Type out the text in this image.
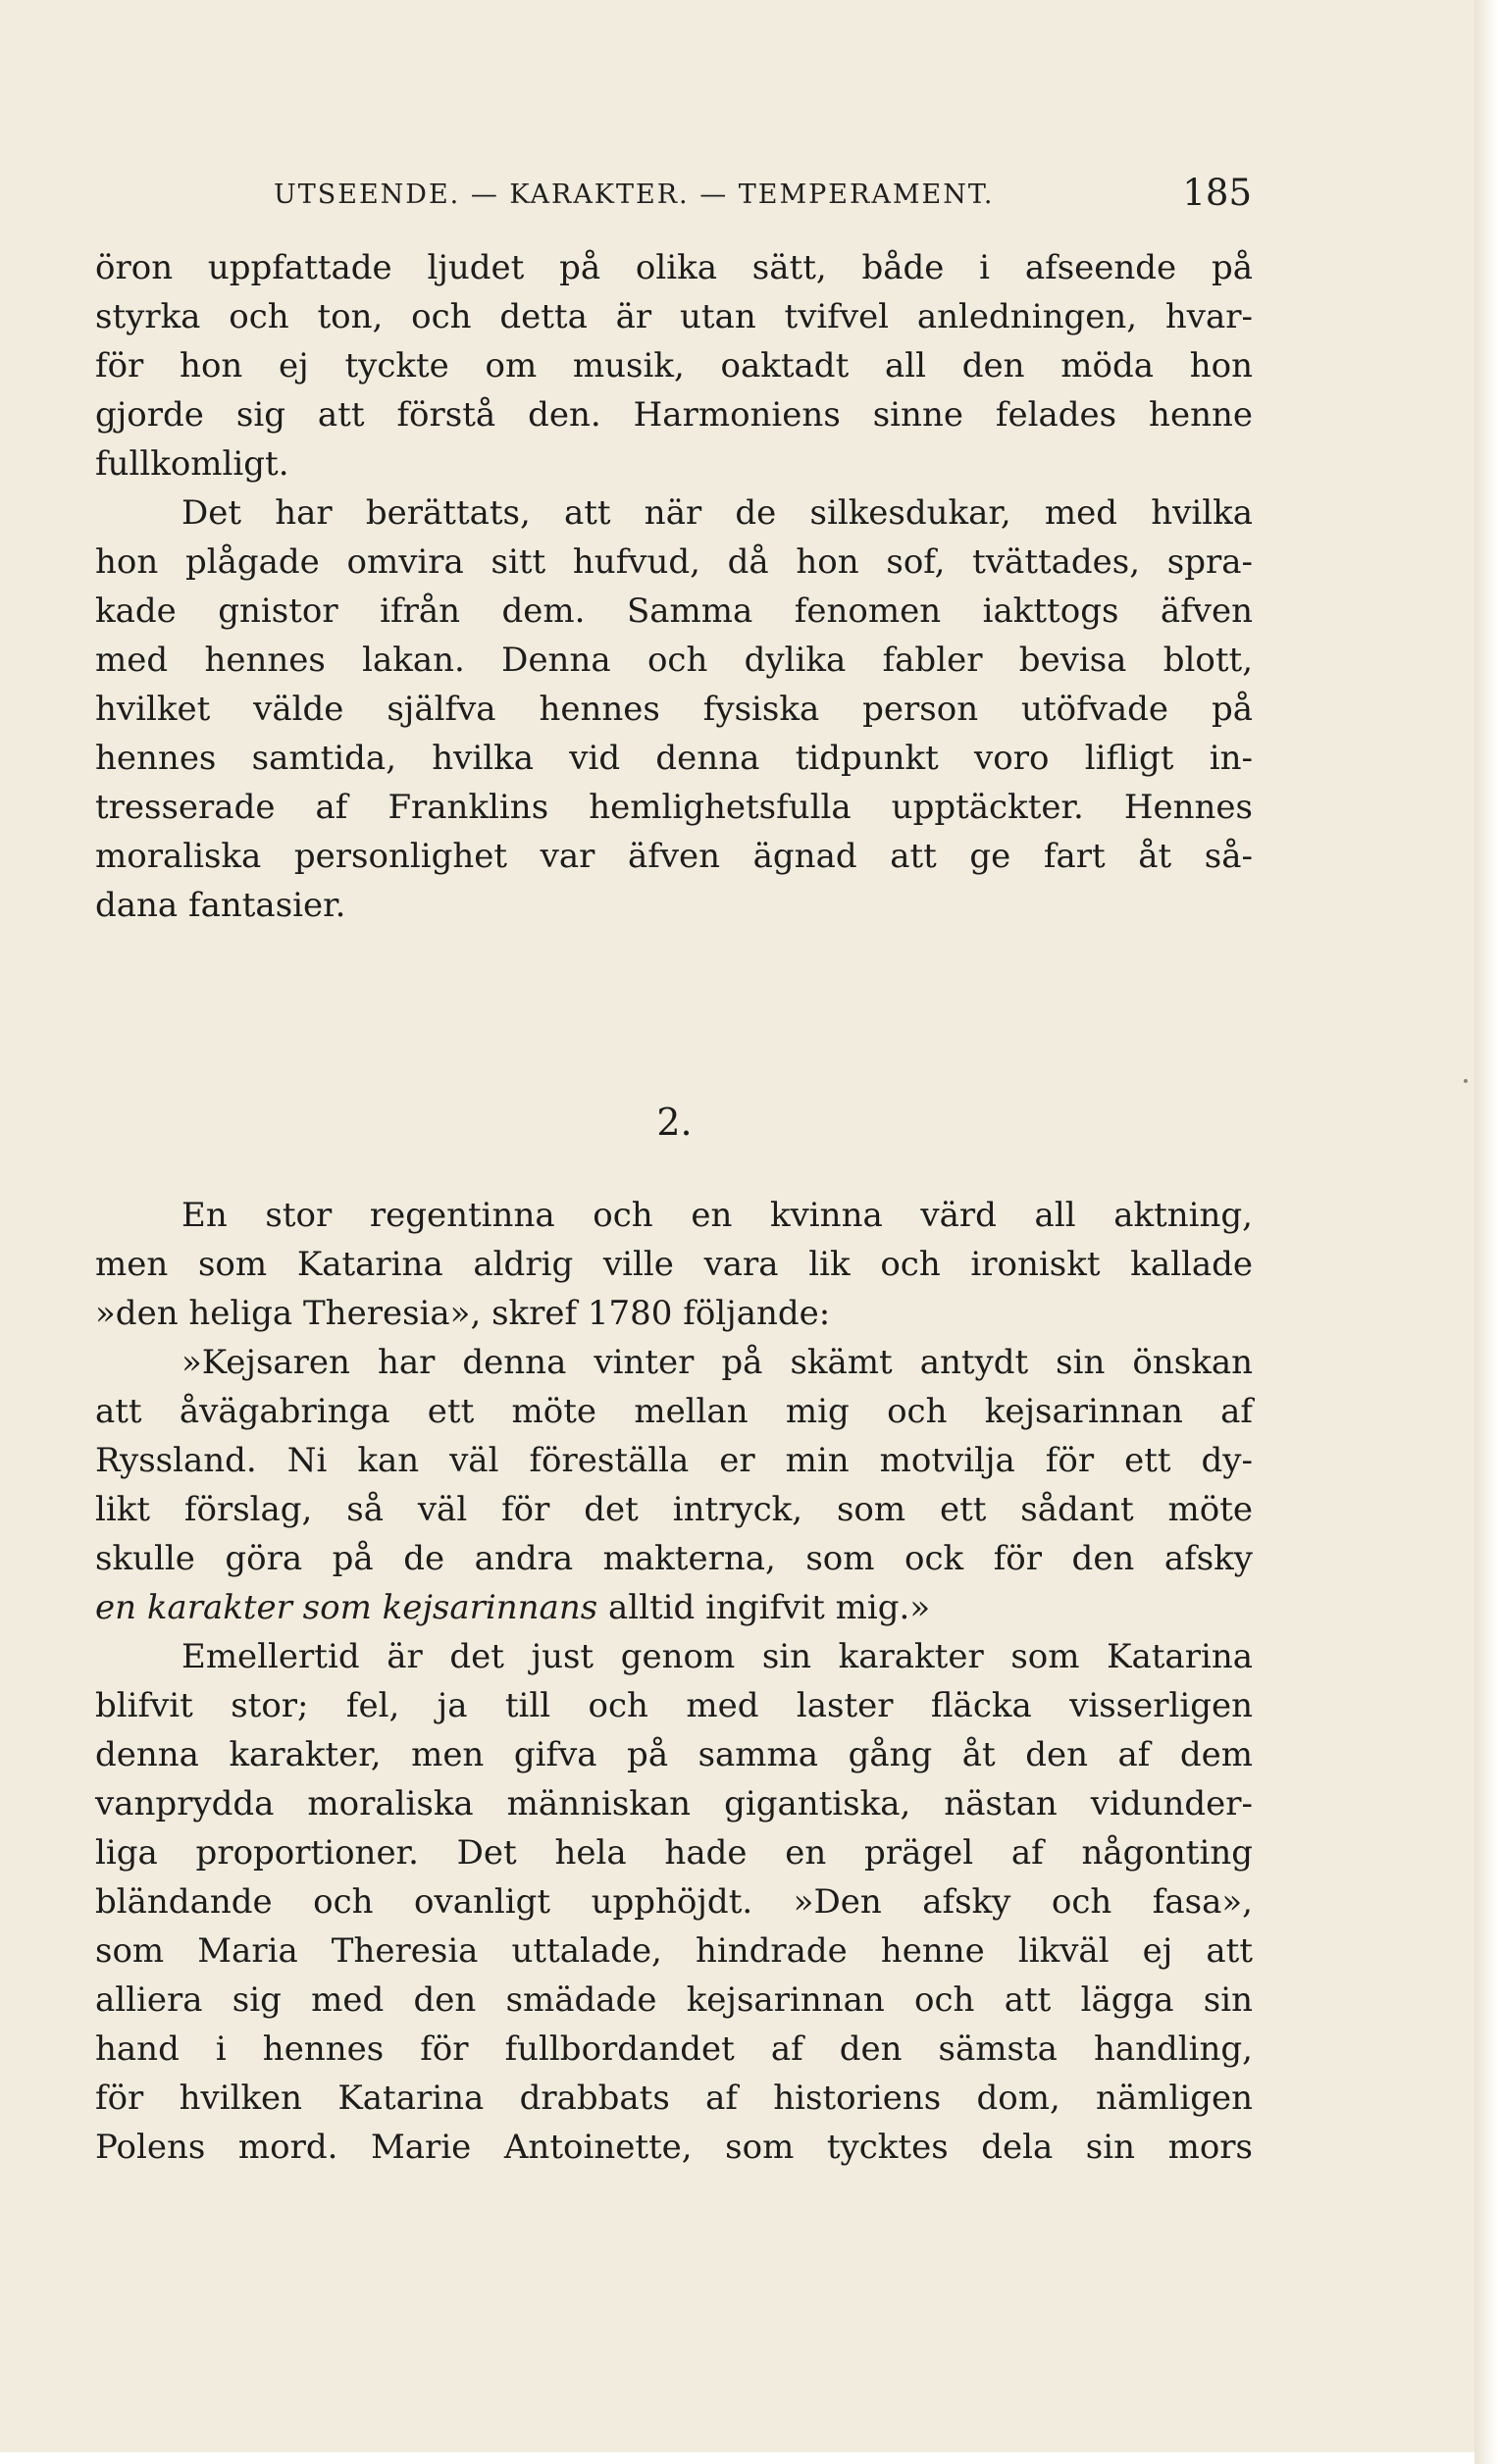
UTSEENDE. — KARAKTER. — TEMPERAMENT.	185
öron uppfattade ljudet på olika sätt, både i afseende på
styrka och ton, och detta är utan tvifvel anledningen, hvar-
för hon ej tyckte om musik, oaktadt all den möda hon
gjorde sig att förstå den. Harmoniens sinne felades henne
fullkomligt.
Det har berättats, att när de silkesdukar, med hvilka
hon plågade omvira sitt hufvud, då hon sof, tvättades, spra-
kade gnistor ifrån dem. Samma fenomen iakttogs äfven
med hennes lakan. Denna och dylika fabler bevisa blott,
hvilket välde själfva hennes fysiska person utöfvade på
hennes samtida, hvilka vid denna tidpunkt voro lifligt in-
tresserade af Franklins hemlighetsfulla upptäckter. Hennes
moraliska personlighet var äfven ägnad att ge fart åt så-
dana fantasier.
2.
En stor regentinna och en kvinna värd all aktning,
men som Katarina aldrig ville vara lik och ironiskt kallade
»den heliga Theresia», skref 1780 följande:
»Kejsaren har denna vinter på skämt antydt sin önskan
att åvägabringa ett möte mellan mig och kejsarinnan af
Ryssland. Ni kan väl föreställa er min motvilja för ett dy-
likt förslag, så väl för det intryck, som ett sådant möte
skulle göra på de andra makterna, som ock för den afsky
en karakter som kejsarinnans alltid ingifvit mig.»
Emellertid är det just genom sin karakter som Katarina
blifvit stor; fel, ja till och med laster fläcka visserligen
denna karakter, men gifva på samma gång åt den af dem
vanprydda moraliska människan gigantiska, nästan vidunder-
liga proportioner. Det hela hade en prägel af någonting
bländande och ovanligt upphöjdt. »Den afsky och fasa»,
som Maria Theresia uttalade, hindrade henne likväl ej att
alliera sig med den smädade kejsarinnan och att lägga sin
hand i hennes för fullbordandet af den sämsta handling,
för hvilken Katarina drabbats af historiens dom, nämligen
Polens mord. Marie Antoinette, som tycktes dela sin mors
